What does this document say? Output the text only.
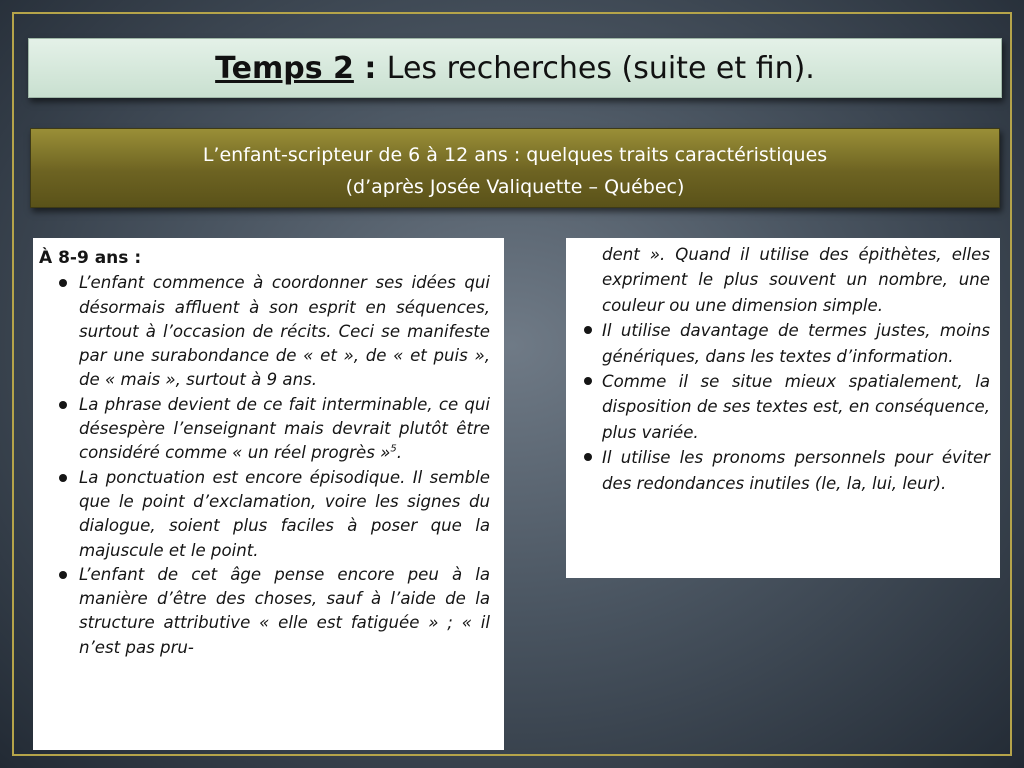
Temps 2 : Les recherches (suite et fin).
L’enfant-scripteur de 6 à 12 ans : quelques traits caractéristiques
(d’après Josée Valiquette – Québec)
À 8-9 ans :
L’enfant commence à coordonner ses idées qui désormais affluent à son esprit en séquences, surtout à l’occasion de récits. Ceci se manifeste par une surabondance de « et », de « et puis », de « mais », surtout à 9 ans.
La phrase devient de ce fait interminable, ce qui désespère l’enseignant mais devrait plutôt être considéré comme « un réel progrès »$^5$.
La ponctuation est encore épisodique. Il semble que le point d’exclamation, voire les signes du dialogue, soient plus faciles à poser que la majuscule et le point.
L’enfant de cet âge pense encore peu à la manière d’être des choses, sauf à l’aide de la structure attributive « elle est fatiguée » ; « il n’est pas pru-
dent ». Quand il utilise des épithètes, elles expriment le plus souvent un nombre, une couleur ou une dimension simple.
Il utilise davantage de termes justes, moins génériques, dans les textes d’information.
Comme il se situe mieux spatialement, la disposition de ses textes est, en conséquence, plus variée.
Il utilise les pronoms personnels pour éviter des redondances inutiles (le, la, lui, leur).
